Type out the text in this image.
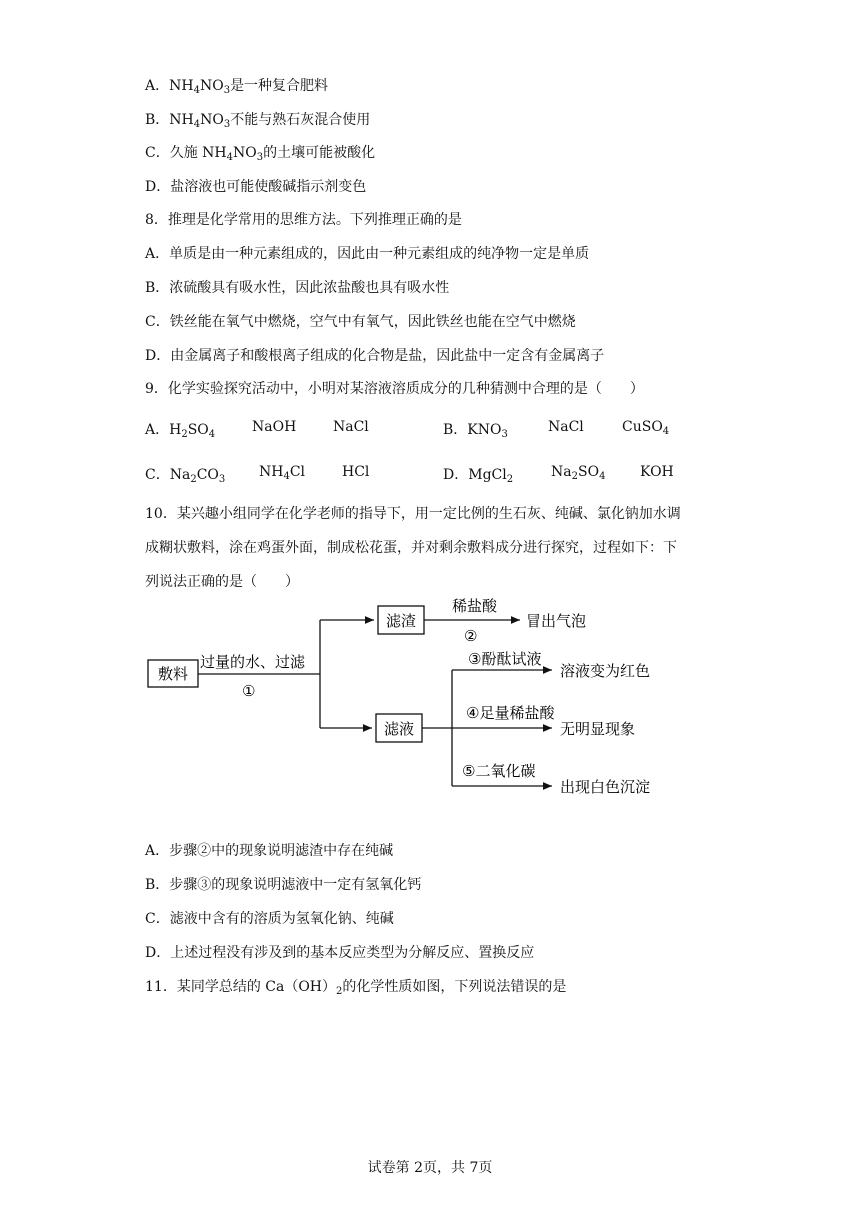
A．$NH_4NO_3$是一种复合肥料
B．$NH_4NO_3$不能与熟石灰混合使用
C．久施 $NH_4NO_3$的土壤可能被酸化
D．盐溶液也可能使酸碱指示剂变色
8．推理是化学常用的思维方法。下列推理正确的是
A．单质是由一种元素组成的，因此由一种元素组成的纯净物一定是单质
B．浓硫酸具有吸水性，因此浓盐酸也具有吸水性
C．铁丝能在氧气中燃烧，空气中有氧气，因此铁丝也能在空气中燃烧
D．由金属离子和酸根离子组成的化合物是盐，因此盐中一定含有金属离子
9．化学实验探究活动中，小明对某溶液溶质成分的几种猜测中合理的是（　　）
A．$H_2SO_4$	NaOH	NaCl	B．$KNO_3$	NaCl	CuSO$_4$
C．$Na_2CO_3$ $NH_4Cl$	HCl	D．MgCl$_2$	$Na_2SO_4$ KOH
10．某兴趣小组同学在化学老师的指导下，用一定比例的生石灰、纯碱、氯化钠加水调
成糊状敷料，涂在鸡蛋外面，制成松花蛋，并对剩余敷料成分进行探究，过程如下：下
列说法正确的是（　　）
敷料
过量的水、过滤
①
滤渣
稀盐酸
②
冒出气泡
滤液
③酚酞试液
溶液变为红色
④足量稀盐酸
无明显现象
⑤二氧化碳
出现白色沉淀
A．步骤②中的现象说明滤渣中存在纯碱
B．步骤③的现象说明滤液中一定有氢氧化钙
C．滤液中含有的溶质为氢氧化钠、纯碱
D．上述过程没有涉及到的基本反应类型为分解反应、置换反应
11．某同学总结的 $Ca(OH)_2$的化学性质如图，下列说法错误的是
试卷第 2页，共 7页
